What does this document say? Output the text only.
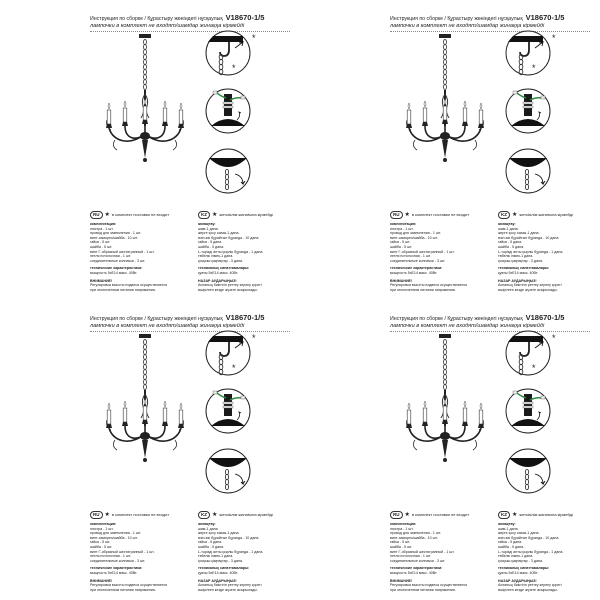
Инструкция по сборке / Құрастыру жөніндегі нұсқаулық V18670-1/5
лампочки в комплект не входят/шамдар жинаққа кірмейді
*
*
RU ★ в комплект поставки не входит	KZ ★ жеткізілім жинағына кірмейді
комплектация:
люстра - 1 шт.
провод для заземления - 1 шт.
винт-саморез/шайба - 10 шт.
гайка - 5 шт.
шайба - 5 шт.
винт Г-образный шестигранный - 1 шт.
петля потолочная - 1 шт.
соединительные колпачки - 3 шт.
технические характеристики:
мощность 5xE14 макс. 40Вт.
ВНИМАНИЕ!
Регулировка высоты подвеса осуществляется
при отключенном питании напряжения.
жинақтау:
шам-1 дана.
жерге қосу сымы-1 дана.
өзін-өзі бұрайтын бұранда - 10 дана.
гайка - 5 дана.
шайба - 5 дана.
L-тәрізді алты қырлы бұранда - 1 дана.
төбелік ілмек-1 дана.
қосқыш қақпақтар - 3 дана.
техникалық сипаттамалары:
қуаты 5xE14 макс. 40Вт.
НАЗАР АУДАРЫҢЫЗ!
Аспаның биіктігін реттеу кернеу қорегі
өшірілген кезде жүзеге асырылады.
Инструкция по сборке / Құрастыру жөніндегі нұсқаулық V18670-1/5
лампочки в комплект не входят/шамдар жинаққа кірмейді
*
*
RU ★ в комплект поставки не входит	KZ ★ жеткізілім жинағына кірмейді
комплектация:
люстра - 1 шт.
провод для заземления - 1 шт.
винт-саморез/шайба - 10 шт.
гайка - 5 шт.
шайба - 5 шт.
винт Г-образный шестигранный - 1 шт.
петля потолочная - 1 шт.
соединительные колпачки - 3 шт.
технические характеристики:
мощность 5xE14 макс. 40Вт.
ВНИМАНИЕ!
Регулировка высоты подвеса осуществляется
при отключенном питании напряжения.
жинақтау:
шам-1 дана.
жерге қосу сымы-1 дана.
өзін-өзі бұрайтын бұранда - 10 дана.
гайка - 5 дана.
шайба - 5 дана.
L-тәрізді алты қырлы бұранда - 1 дана.
төбелік ілмек-1 дана.
қосқыш қақпақтар - 3 дана.
техникалық сипаттамалары:
қуаты 5xE14 макс. 40Вт.
НАЗАР АУДАРЫҢЫЗ!
Аспаның биіктігін реттеу кернеу қорегі
өшірілген кезде жүзеге асырылады.
Инструкция по сборке / Құрастыру жөніндегі нұсқаулық V18670-1/5
лампочки в комплект не входят/шамдар жинаққа кірмейді
*
*
RU ★ в комплект поставки не входит	KZ ★ жеткізілім жинағына кірмейді
комплектация:
люстра - 1 шт.
провод для заземления - 1 шт.
винт-саморез/шайба - 10 шт.
гайка - 5 шт.
шайба - 5 шт.
винт Г-образный шестигранный - 1 шт.
петля потолочная - 1 шт.
соединительные колпачки - 3 шт.
технические характеристики:
мощность 5xE14 макс. 40Вт.
ВНИМАНИЕ!
Регулировка высоты подвеса осуществляется
при отключенном питании напряжения.
жинақтау:
шам-1 дана.
жерге қосу сымы-1 дана.
өзін-өзі бұрайтын бұранда - 10 дана.
гайка - 5 дана.
шайба - 5 дана.
L-тәрізді алты қырлы бұранда - 1 дана.
төбелік ілмек-1 дана.
қосқыш қақпақтар - 3 дана.
техникалық сипаттамалары:
қуаты 5xE14 макс. 40Вт.
НАЗАР АУДАРЫҢЫЗ!
Аспаның биіктігін реттеу кернеу қорегі
өшірілген кезде жүзеге асырылады.
Инструкция по сборке / Құрастыру жөніндегі нұсқаулық V18670-1/5
лампочки в комплект не входят/шамдар жинаққа кірмейді
*
*
RU ★ в комплект поставки не входит	KZ ★ жеткізілім жинағына кірмейді
комплектация:
люстра - 1 шт.
провод для заземления - 1 шт.
винт-саморез/шайба - 10 шт.
гайка - 5 шт.
шайба - 5 шт.
винт Г-образный шестигранный - 1 шт.
петля потолочная - 1 шт.
соединительные колпачки - 3 шт.
технические характеристики:
мощность 5xE14 макс. 40Вт.
ВНИМАНИЕ!
Регулировка высоты подвеса осуществляется
при отключенном питании напряжения.
жинақтау:
шам-1 дана.
жерге қосу сымы-1 дана.
өзін-өзі бұрайтын бұранда - 10 дана.
гайка - 5 дана.
шайба - 5 дана.
L-тәрізді алты қырлы бұранда - 1 дана.
төбелік ілмек-1 дана.
қосқыш қақпақтар - 3 дана.
техникалық сипаттамалары:
қуаты 5xE14 макс. 40Вт.
НАЗАР АУДАРЫҢЫЗ!
Аспаның биіктігін реттеу кернеу қорегі
өшірілген кезде жүзеге асырылады.
